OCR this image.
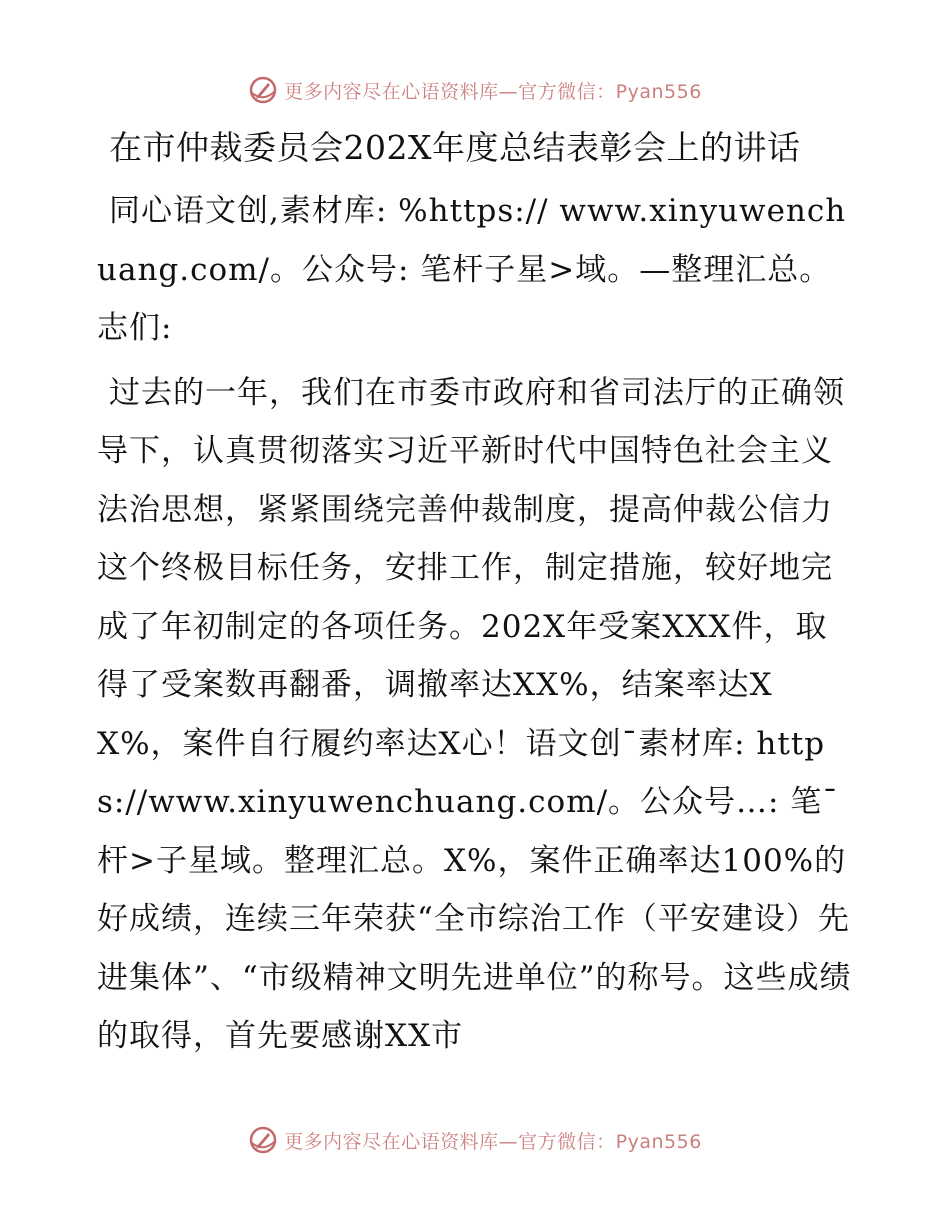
更多内容尽在心语资料库—官方微信：Pyan556
在市仲裁委员会202X年度总结表彰会上的讲话

同心语文创,素材库: %https:// www.xinyuwenchuang.com/。公众号: 笔杆子星>域。—整理汇总。志们:

过去的一年，我们在市委市政府和省司法厅的正确领导下，认真贯彻落实习近平新时代中国特色社会主义法治思想，紧紧围绕完善仲裁制度，提高仲裁公信力这个终极目标任务，安排工作，制定措施，较好地完成了年初制定的各项任务。202X年受案XXX件，取得了受案数再翻番，调撤率达XX%，结案率达XX%，案件自行履约率达X心！语文创¯素材库: https://www.xinyuwenchuang.com/。公众号…: 笔¯杆>子星域。整理汇总。X%，案件正确率达100%的好成绩，连续三年荣获“全市综治工作（平安建设）先进集体”、“市级精神文明先进单位”的称号。这些成绩的取得，首先要感谢XX市

更多内容尽在心语资料库—官方微信：Pyan556
